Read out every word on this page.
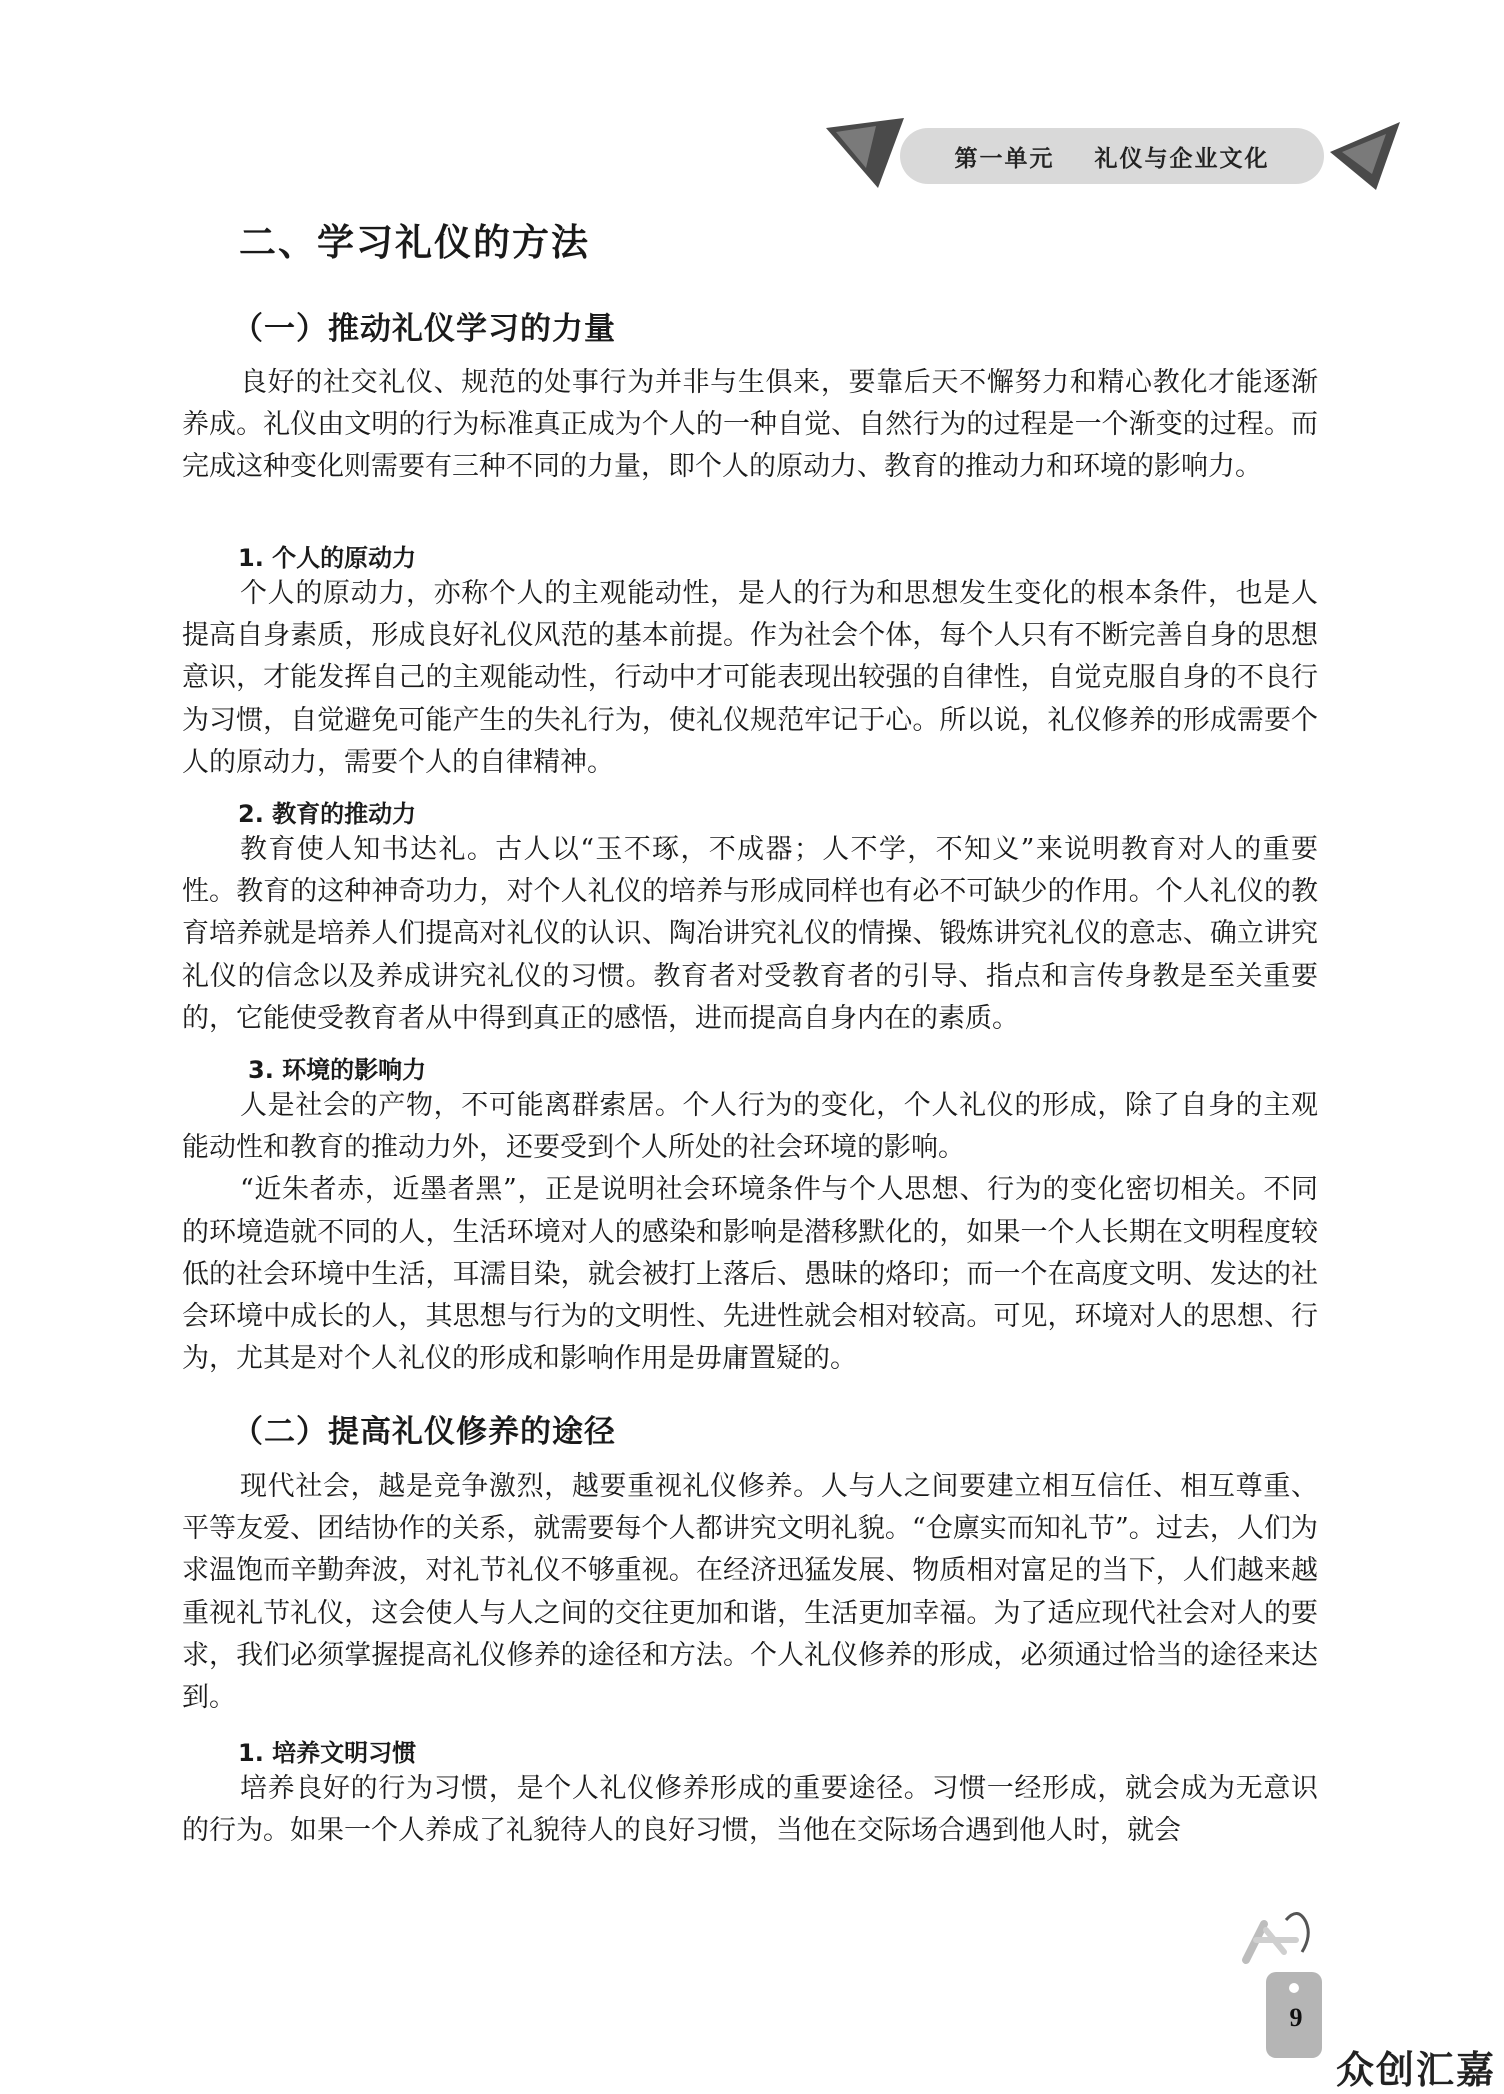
第一单元    礼仪与企业文化
二、学习礼仪的方法
（一）推动礼仪学习的力量

良好的社交礼仪、规范的处事行为并非与生俱来，要靠后天不懈努力和精心教化才能逐渐养成。礼仪由文明的行为标准真正成为个人的一种自觉、自然行为的过程是一个渐变的过程。而完成这种变化则需要有三种不同的力量，即个人的原动力、教育的推动力和环境的影响力。

1. 个人的原动力

个人的原动力，亦称个人的主观能动性，是人的行为和思想发生变化的根本条件，也是人提高自身素质，形成良好礼仪风范的基本前提。作为社会个体，每个人只有不断完善自身的思想意识，才能发挥自己的主观能动性，行动中才可能表现出较强的自律性，自觉克服自身的不良行为习惯，自觉避免可能产生的失礼行为，使礼仪规范牢记于心。所以说，礼仪修养的形成需要个人的原动力，需要个人的自律精神。

2. 教育的推动力

教育使人知书达礼。古人以“玉不琢，不成器；人不学，不知义”来说明教育对人的重要性。教育的这种神奇功力，对个人礼仪的培养与形成同样也有必不可缺少的作用。个人礼仪的教育培养就是培养人们提高对礼仪的认识、陶冶讲究礼仪的情操、锻炼讲究礼仪的意志、确立讲究礼仪的信念以及养成讲究礼仪的习惯。教育者对受教育者的引导、指点和言传身教是至关重要的，它能使受教育者从中得到真正的感悟，进而提高自身内在的素质。

3. 环境的影响力

人是社会的产物，不可能离群索居。个人行为的变化，个人礼仪的形成，除了自身的主观能动性和教育的推动力外，还要受到个人所处的社会环境的影响。

“近朱者赤，近墨者黑”，正是说明社会环境条件与个人思想、行为的变化密切相关。不同的环境造就不同的人，生活环境对人的感染和影响是潜移默化的，如果一个人长期在文明程度较低的社会环境中生活，耳濡目染，就会被打上落后、愚昧的烙印；而一个在高度文明、发达的社会环境中成长的人，其思想与行为的文明性、先进性就会相对较高。可见，环境对人的思想、行为，尤其是对个人礼仪的形成和影响作用是毋庸置疑的。

（二）提高礼仪修养的途径

现代社会，越是竞争激烈，越要重视礼仪修养。人与人之间要建立相互信任、相互尊重、平等友爱、团结协作的关系，就需要每个人都讲究文明礼貌。“仓廪实而知礼节”。过去，人们为求温饱而辛勤奔波，对礼节礼仪不够重视。在经济迅猛发展、物质相对富足的当下，人们越来越重视礼节礼仪，这会使人与人之间的交往更加和谐，生活更加幸福。为了适应现代社会对人的要求，我们必须掌握提高礼仪修养的途径和方法。个人礼仪修养的形成，必须通过恰当的途径来达到。

1. 培养文明习惯

培养良好的行为习惯，是个人礼仪修养形成的重要途径。习惯一经形成，就会成为无意识的行为。如果一个人养成了礼貌待人的良好习惯，当他在交际场合遇到他人时，就会

9
众创汇嘉
